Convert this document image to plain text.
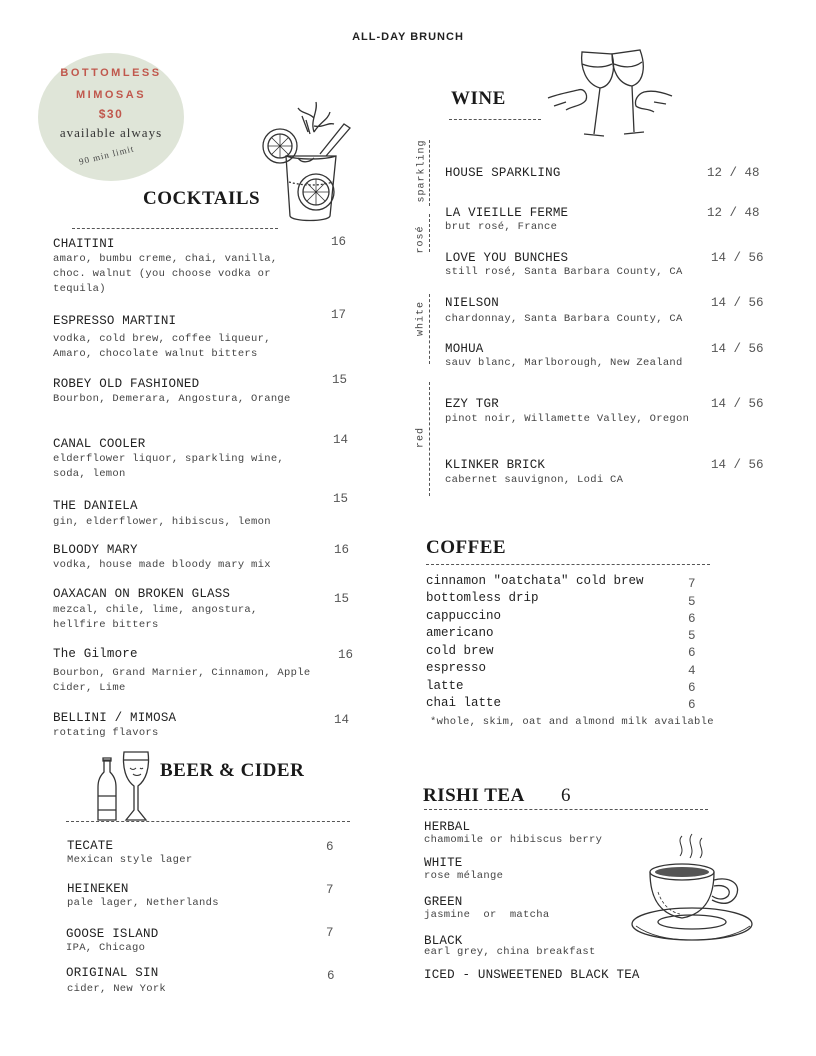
ALL-DAY BRUNCH
BOTTOMLESS
MIMOSAS
$30
available always
90 min limit
COCKTAILS
CHAITINI	16
amaro, bumbu creme, chai, vanilla, choc. walnut (you choose vodka or tequila)
ESPRESSO MARTINI	17
vodka, cold brew, coffee liqueur, Amaro, chocolate walnut bitters
ROBEY OLD FASHIONED	15
Bourbon, Demerara, Angostura, Orange
CANAL COOLER	14
elderflower liquor, sparkling wine, soda, lemon
THE DANIELA	15
gin, elderflower, hibiscus, lemon
BLOODY MARY	16
vodka, house made bloody mary mix
OAXACAN ON BROKEN GLASS	15
mezcal, chile, lime, angostura, hellfire bitters
The Gilmore	16
Bourbon, Grand Marnier, Cinnamon, Apple Cider, Lime
BELLINI / MIMOSA	14
rotating flavors
BEER & CIDER
TECATE	6
Mexican style lager
HEINEKEN	7
pale lager, Netherlands
GOOSE ISLAND	7
IPA, Chicago
ORIGINAL SIN	6
cider, New York
WINE
sparkling
rosé
white
red
HOUSE SPARKLING	12 / 48
LA VIEILLE FERME	12 / 48
brut rosé, France
LOVE YOU BUNCHES	14 / 56
still rosé, Santa Barbara County, CA
NIELSON	14 / 56
chardonnay, Santa Barbara County, CA
MOHUA	14 / 56
sauv blanc, Marlborough, New Zealand
EZY TGR	14 / 56
pinot noir, Willamette Valley, Oregon
KLINKER BRICK	14 / 56
cabernet sauvignon, Lodi CA
COFFEE
cinnamon "oatchata" cold brew	7
bottomless drip	5
cappuccino	6
americano	5
cold brew	6
espresso	4
latte	6
chai latte	6
*whole, skim, oat and almond milk available
RISHI TEA 6
HERBAL
chamomile or hibiscus berry
WHITE
rose mélange
GREEN
jasmine  or  matcha
BLACK
earl grey, china breakfast
ICED - UNSWEETENED BLACK TEA
